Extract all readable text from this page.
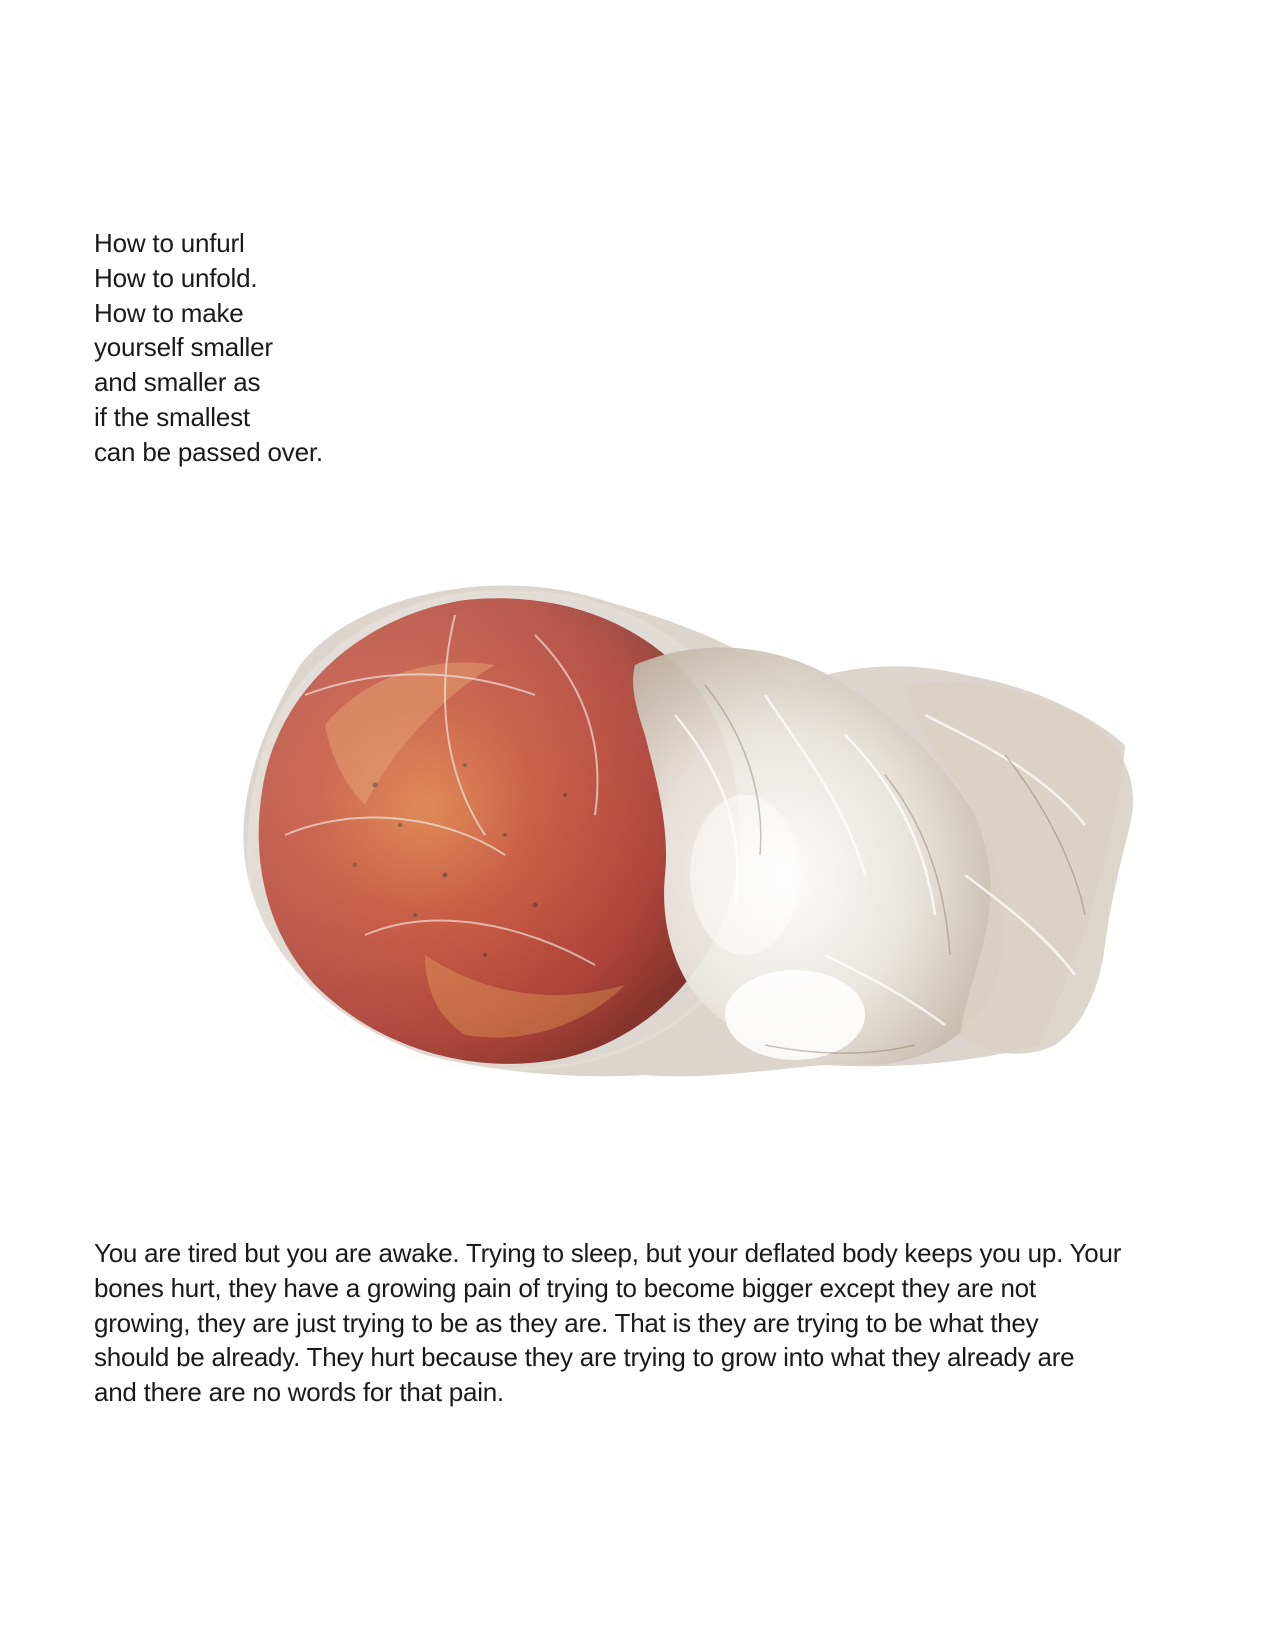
How to unfurl
How to unfold.
How to make
yourself smaller
and smaller as
if the smallest
can be passed over.
You are tired but you are awake. Trying to sleep, but your deflated body keeps you up. Your
bones hurt, they have a growing pain of trying to become bigger except they are not
growing, they are just trying to be as they are. That is they are trying to be what they
should be already. They hurt because they are trying to grow into what they already are
and there are no words for that pain.
